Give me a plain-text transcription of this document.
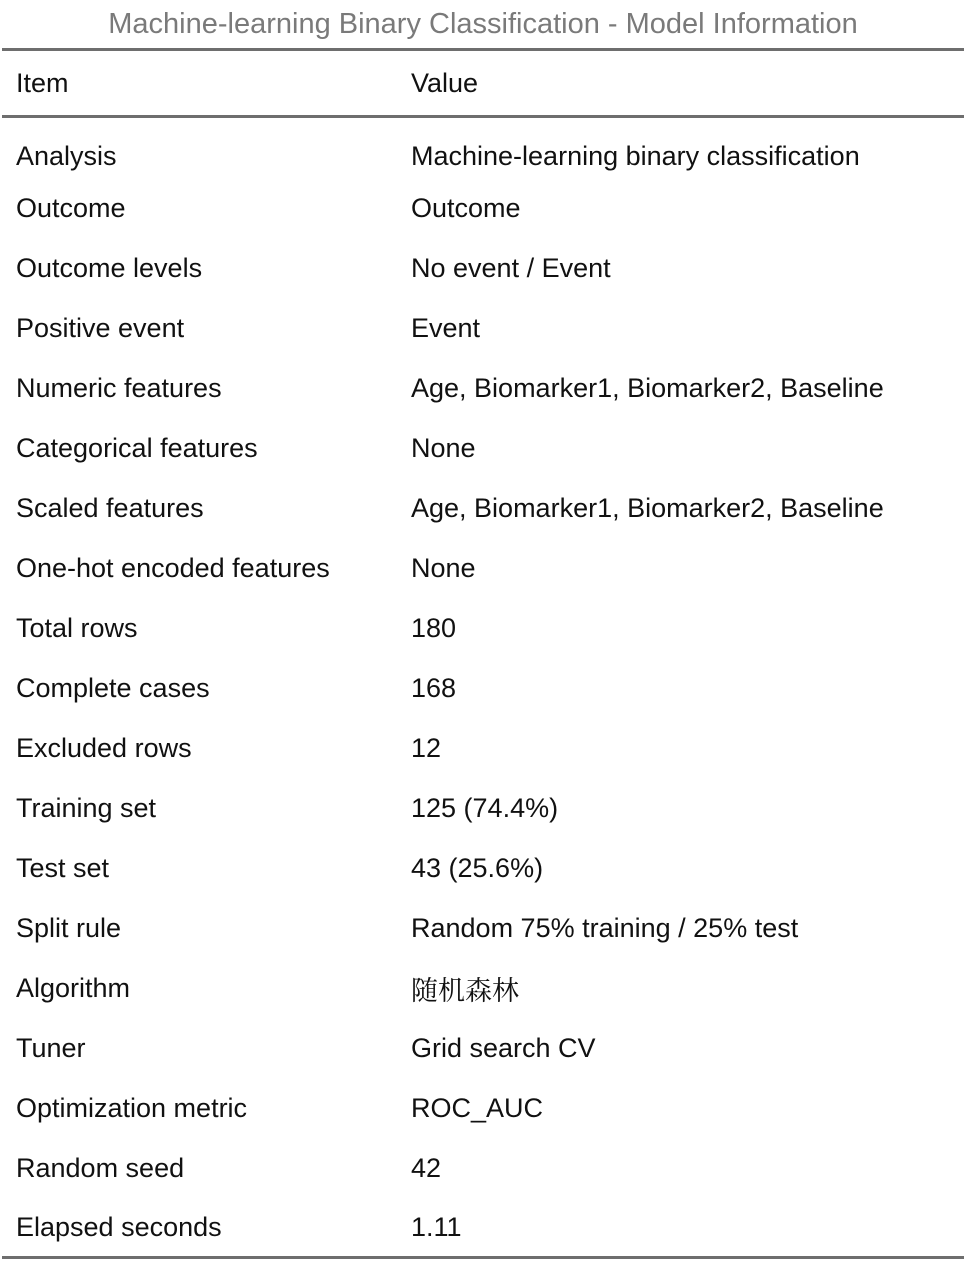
Machine-learning Binary Classification - Model Information
Item	Value
Analysis	Machine-learning binary classification
Outcome	Outcome
Outcome levels	No event / Event
Positive event	Event
Numeric features	Age, Biomarker1, Biomarker2, Baseline
Categorical features	None
Scaled features	Age, Biomarker1, Biomarker2, Baseline
One-hot encoded features	None
Total rows	180
Complete cases	168
Excluded rows	12
Training set	125 (74.4%)
Test set	43 (25.6%)
Split rule	Random 75% training / 25% test
Algorithm	随机森林
Tuner	Grid search CV
Optimization metric	ROC_AUC
Random seed	42
Elapsed seconds	1.11
